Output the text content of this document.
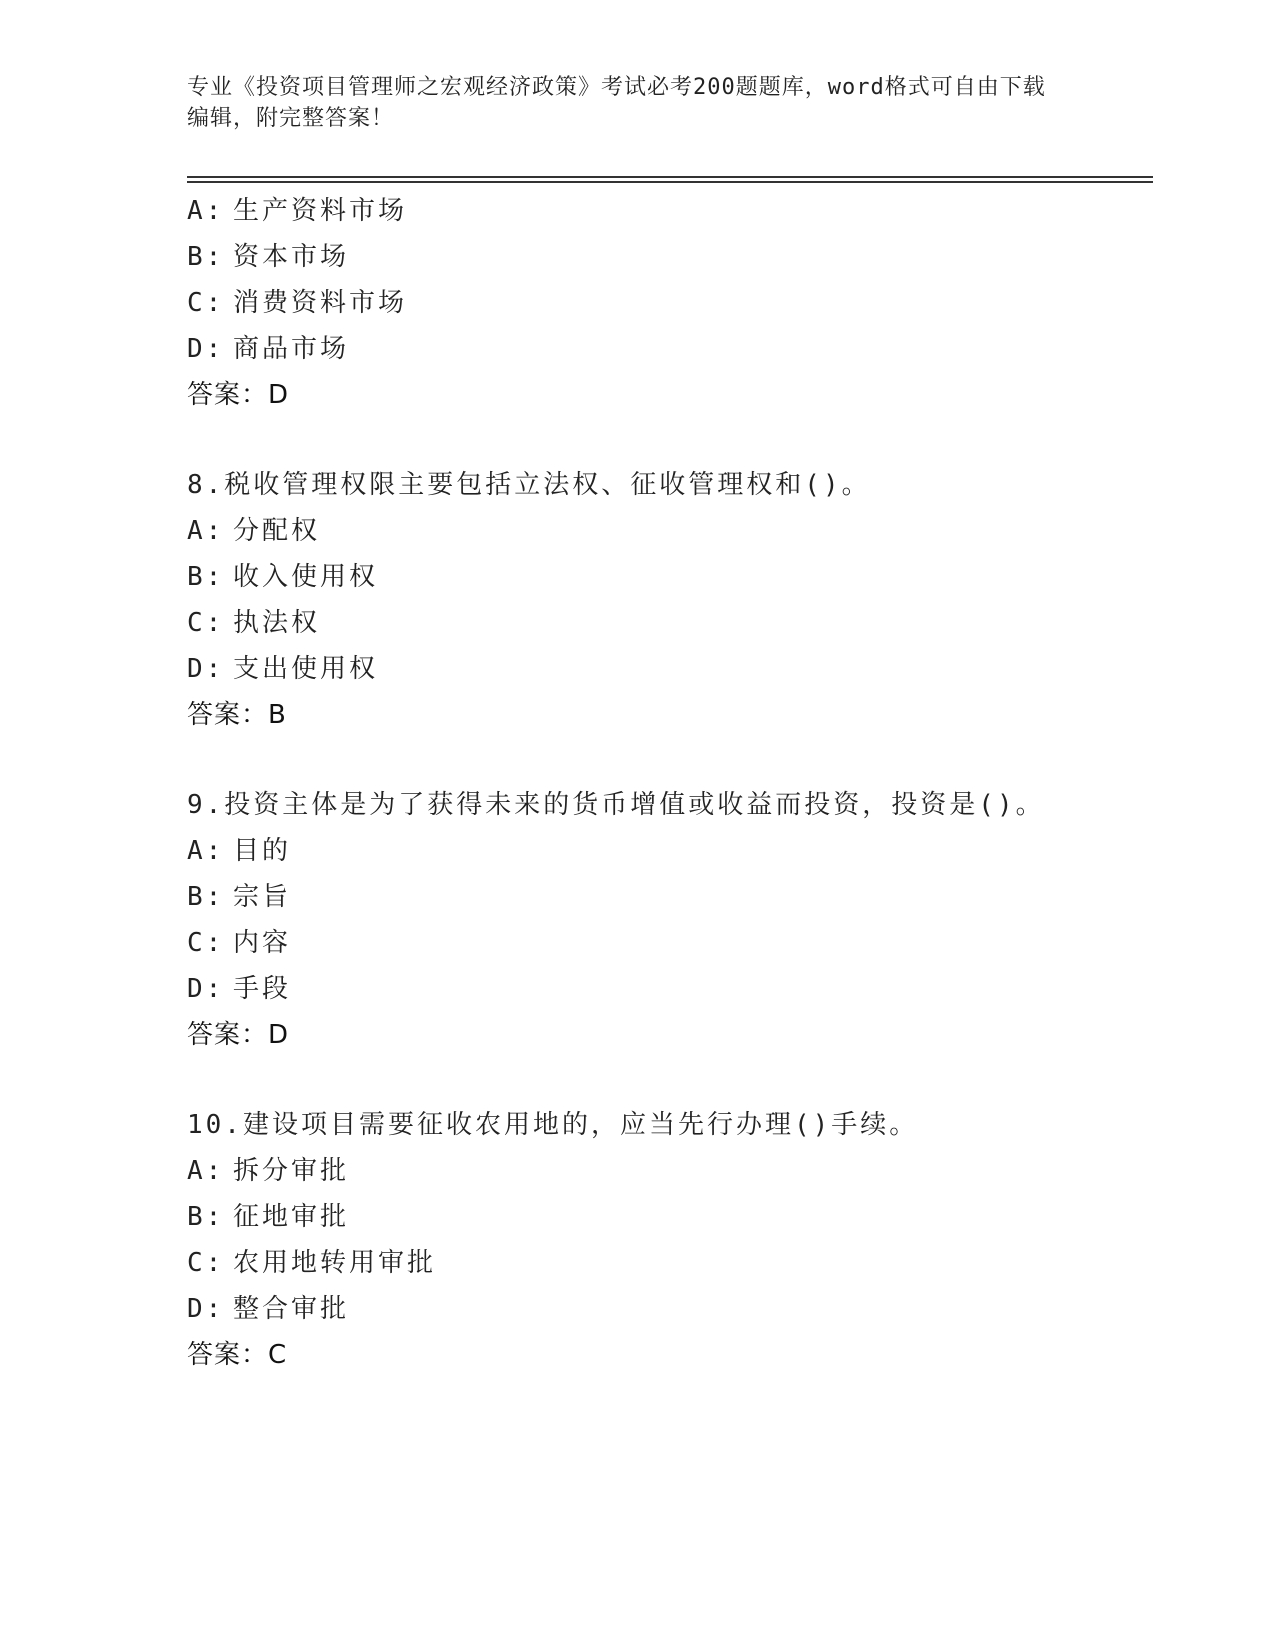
专业《投资项目管理师之宏观经济政策》考试必考200题题库，word格式可自由下载编辑，附完整答案！
A: 生产资料市场
B: 资本市场
C: 消费资料市场
D: 商品市场
答案：D
8.税收管理权限主要包括立法权、征收管理权和()。
A: 分配权
B: 收入使用权
C: 执法权
D: 支出使用权
答案：B
9.投资主体是为了获得未来的货币增值或收益而投资，投资是()。
A: 目的
B: 宗旨
C: 内容
D: 手段
答案：D
10.建设项目需要征收农用地的，应当先行办理()手续。
A: 拆分审批
B: 征地审批
C: 农用地转用审批
D: 整合审批
答案：C
